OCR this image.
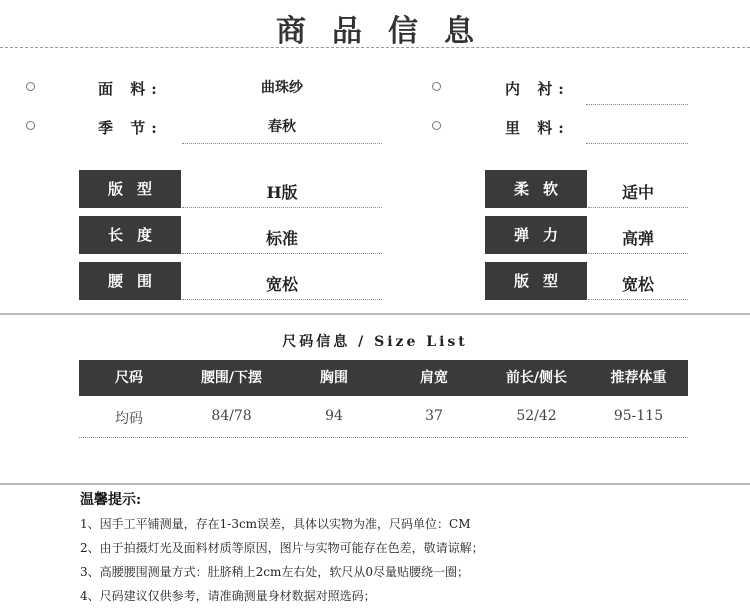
商品信息
面 料:	曲珠纱	内 衬:
季 节:	春秋	里 料:
版型	H版
长度	标准
腰围	宽松
柔软	适中
弹力	高弹
版型	宽松
尺码信息 / Size List
尺码	腰围/下摆	胸围	肩宽	前长/侧长	推荐体重
均码	84/78	94	37	52/42	95-115
温馨提示:
1、因手工平铺测量，存在1-3cm误差，具体以实物为准，尺码单位：CM
2、由于拍摄灯光及面料材质等原因，图片与实物可能存在色差，敬请谅解；
3、高腰腰围测量方式：肚脐稍上2cm左右处，软尺从0尽量贴腰绕一圈；
4、尺码建议仅供参考，请准确测量身材数据对照选码；
